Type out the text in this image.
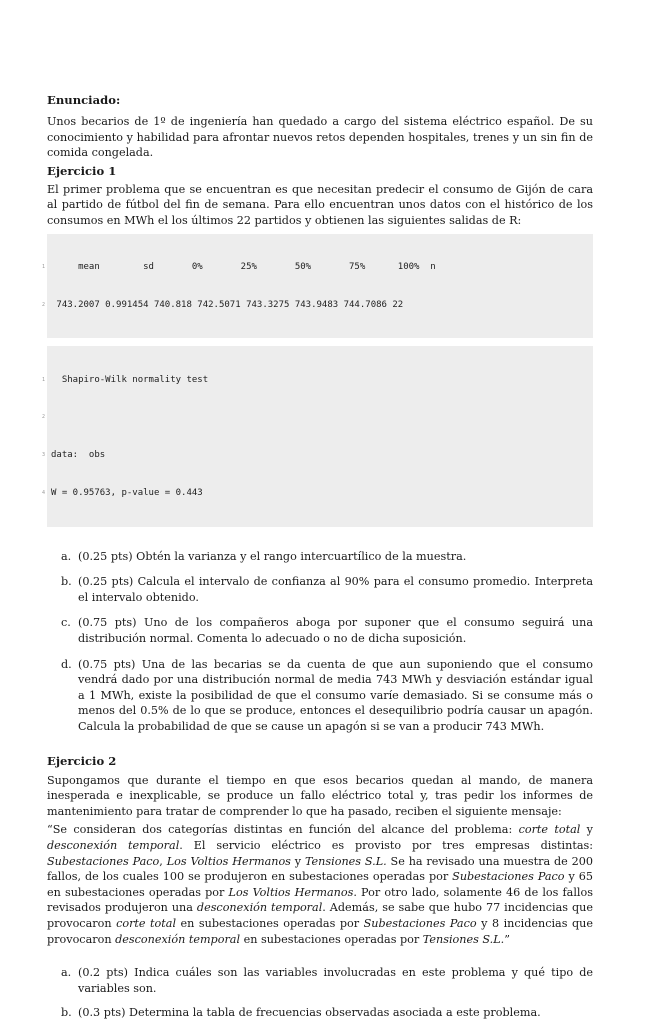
Enunciado:

Unos becarios de 1º de ingeniería han quedado a cargo del sistema eléctrico español. De su conocimiento y habilidad para afrontar nuevos retos dependen hospitales, trenes y un sin fin de comida congelada.

Ejercicio 1

El primer problema que se encuentran es que necesitan predecir el consumo de Gijón de cara al partido de fútbol del fin de semana. Para ello encuentran unos datos con el histórico de los consumos en MWh el los últimos 22 partidos y obtienen las siguientes salidas de R:

1 mean        sd       0%       25%       50%       75%      100%  n

2 743.2007 0.991454 740.818 742.5071 743.3275 743.9483 744.7086 22

1 Shapiro-Wilk normality test

2

3 data:  obs

4 W = 0.95763, p-value = 0.443

a. (0.25 pts) Obtén la varianza y el rango intercuartílico de la muestra.
b. (0.25 pts) Calcula el intervalo de confianza al 90% para el consumo promedio. Interpreta el intervalo obtenido.
c. (0.75 pts) Uno de los compañeros aboga por suponer que el consumo seguirá una distribución normal. Comenta lo adecuado o no de dicha suposición.
d. (0.75 pts) Una de las becarias se da cuenta de que aun suponiendo que el consumo vendrá dado por una distribución normal de media 743 MWh y desviación estándar igual a 1 MWh, existe la posibilidad de que el consumo varíe demasiado. Si se consume más o menos del 0.5% de lo que se produce, entonces el desequilibrio podría causar un apagón. Calcula la probabilidad de que se cause un apagón si se van a producir 743 MWh.

Ejercicio 2

Supongamos que durante el tiempo en que esos becarios quedan al mando, de manera inesperada e inexplicable, se produce un fallo eléctrico total y, tras pedir los informes de mantenimiento para tratar de comprender lo que ha pasado, reciben el siguiente mensaje:

“Se consideran dos categorías distintas en función del alcance del problema: corte total y desconexión temporal. El servicio eléctrico es provisto por tres empresas distintas: Subestaciones Paco, Los Voltios Hermanos y Tensiones S.L. Se ha revisado una muestra de 200 fallos, de los cuales 100 se produjeron en subestaciones operadas por Subestaciones Paco y 65 en subestaciones operadas por Los Voltios Hermanos. Por otro lado, solamente 46 de los fallos revisados produjeron una desconexión temporal. Además, se sabe que hubo 77 incidencias que provocaron corte total en subestaciones operadas por Subestaciones Paco y 8 incidencias que provocaron desconexión temporal en subestaciones operadas por Tensiones S.L.”

a. (0.2 pts) Indica cuáles son las variables involucradas en este problema y qué tipo de variables son.
b. (0.3 pts) Determina la tabla de frecuencias observadas asociada a este problema.
